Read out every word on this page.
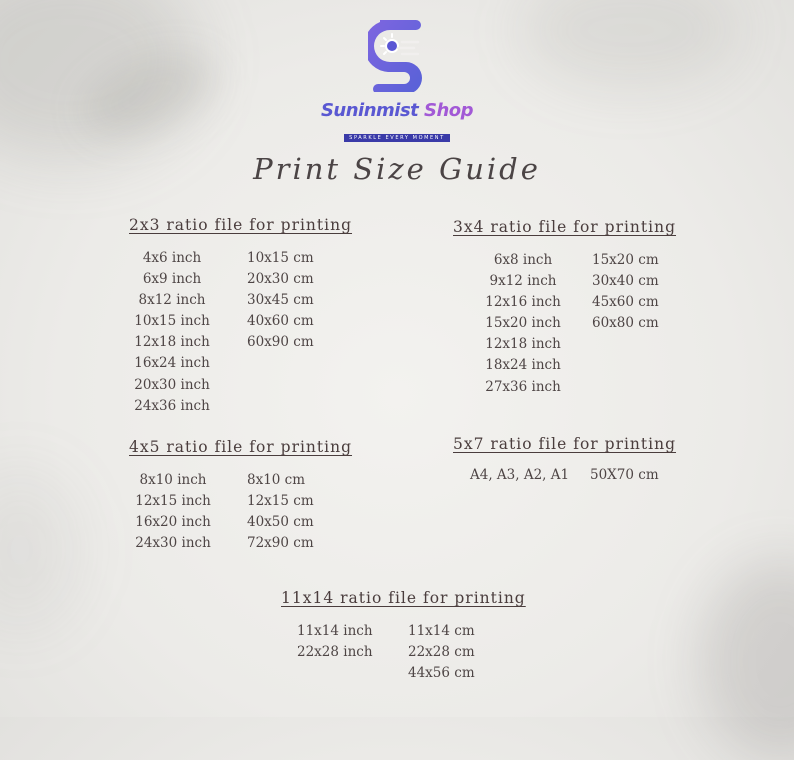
Suninmist Shop
SPARKLE EVERY MOMENT
Print Size Guide
2x3 ratio file for printing
4x6 inch
6x9 inch
8x12 inch
10x15 inch
12x18 inch
16x24 inch
20x30 inch
24x36 inch
10x15 cm
20x30 cm
30x45 cm
40x60 cm
60x90 cm
3x4 ratio file for printing
6x8 inch
9x12 inch
12x16 inch
15x20 inch
12x18 inch
18x24 inch
27x36 inch
15x20 cm
30x40 cm
45x60 cm
60x80 cm
4x5 ratio file for printing
8x10 inch
12x15 inch
16x20 inch
24x30 inch
8x10 cm
12x15 cm
40x50 cm
72x90 cm
5x7 ratio file for printing
A4, A3, A2, A1 50X70 cm
11x14 ratio file for printing
11x14 inch
22x28 inch
11x14 cm
22x28 cm
44x56 cm
